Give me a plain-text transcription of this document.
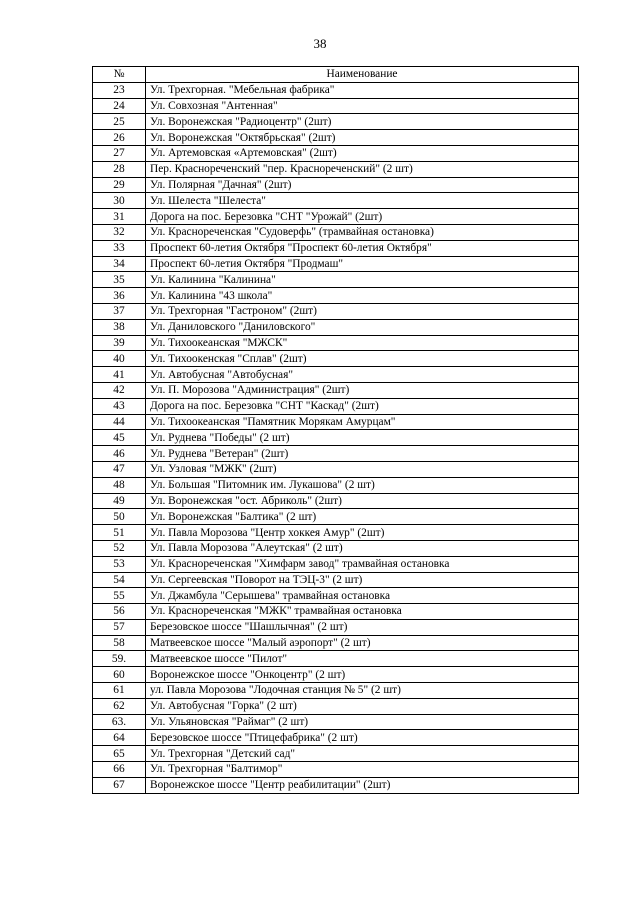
38
№	Наименование
23	Ул. Трехгорная. "Мебельная фабрика"
24	Ул. Совхозная "Антенная"
25	Ул. Воронежская "Радиоцентр" (2шт)
26	Ул. Воронежская "Октябрьская" (2шт)
27	Ул. Артемовская «Артемовская" (2шт)
28	Пер. Краснореченский "пер. Краснореченский" (2 шт)
29	Ул. Полярная "Дачная" (2шт)
30	Ул. Шелеста "Шелеста"
31	Дорога на пос. Березовка "СНТ "Урожай" (2шт)
32	Ул. Краснореченская "Судоверфь" (трамвайная остановка)
33	Проспект 60-летия Октября "Проспект 60-летия Октября"
34	Проспект 60-летия Октября "Продмаш"
35	Ул. Калинина "Калинина"
36	Ул. Калинина "43 школа"
37	Ул. Трехгорная "Гастроном" (2шт)
38	Ул. Даниловского "Даниловского"
39	Ул. Тихоокеанская "МЖСК"
40	Ул. Тихоокенская "Сплав" (2шт)
41	Ул. Автобусная "Автобусная"
42	Ул. П. Морозова "Администрация" (2шт)
43	Дорога на пос. Березовка "СНТ "Каскад" (2шт)
44	Ул. Тихоокеанская "Памятник Морякам Амурцам"
45	Ул. Руднева "Победы" (2 шт)
46	Ул. Руднева "Ветеран" (2шт)
47	Ул. Узловая "МЖК" (2шт)
48	Ул. Большая "Питомник им. Лукашова" (2 шт)
49	Ул. Воронежская "ост. Абриколь" (2шт)
50	Ул. Воронежская "Балтика" (2 шт)
51	Ул. Павла Морозова "Центр хоккея Амур" (2шт)
52	Ул. Павла Морозова "Алеутская" (2 шт)
53	Ул. Краснореченская "Химфарм завод" трамвайная остановка
54	Ул. Сергеевская "Поворот на ТЭЦ-3" (2 шт)
55	Ул. Джамбула "Серышева" трамвайная остановка
56	Ул. Краснореченская "МЖК" трамвайная остановка
57	Березовское шоссе "Шашлычная" (2 шт)
58	Матвеевское шоссе "Малый аэропорт" (2 шт)
59.	Матвеевское шоссе "Пилот"
60	Воронежское шоссе "Онкоцентр" (2 шт)
61	ул. Павла Морозова "Лодочная станция № 5" (2 шт)
62	Ул. Автобусная "Горка" (2 шт)
63.	Ул. Ульяновская "Раймаг" (2 шт)
64	Березовское шоссе "Птицефабрика" (2 шт)
65	Ул. Трехгорная "Детский сад"
66	Ул. Трехгорная "Балтимор"
67	Воронежское шоссе "Центр реабилитации" (2шт)
